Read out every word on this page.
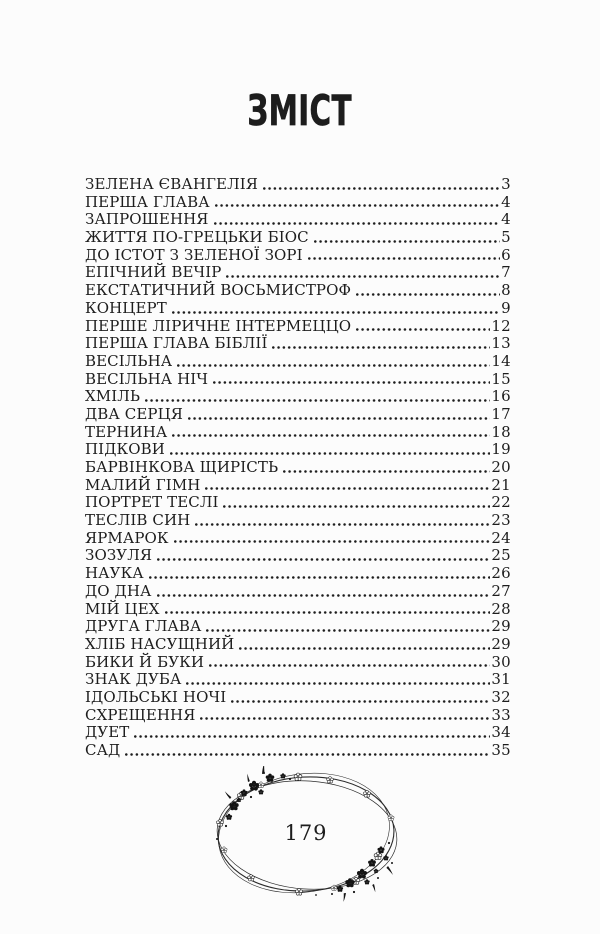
ЗМІСТ
ЗЕЛЕНА ЄВАНГЕЛІЯ	3
ПЕРША ГЛАВА	4
ЗАПРОШЕННЯ	4
ЖИТТЯ ПО-ГРЕЦЬКИ БІОС	5
ДО ІСТОТ З ЗЕЛЕНОЇ ЗОРІ	6
ЕПІЧНИЙ ВЕЧІР	7
ЕКСТАТИЧНИЙ ВОСЬМИСТРОФ	8
КОНЦЕРТ	9
ПЕРШЕ ЛІРИЧНЕ ІНТЕРМЕЦЦО	12
ПЕРША ГЛАВА БІБЛІЇ	13
ВЕСІЛЬНА	14
ВЕСІЛЬНА НІЧ	15
ХМІЛЬ	16
ДВА СЕРЦЯ	17
ТЕРНИНА	18
ПІДКОВИ	19
БАРВІНКОВА ЩИРІСТЬ	20
МАЛИЙ ГІМН	21
ПОРТРЕТ ТЕСЛІ	22
ТЕСЛІВ СИН	23
ЯРМАРОК	24
ЗОЗУЛЯ	25
НАУКА	26
ДО ДНА	27
МІЙ ЦЕХ	28
ДРУГА ГЛАВА	29
ХЛІБ НАСУЩНИЙ	29
БИКИ Й БУКИ	30
ЗНАК ДУБА	31
ІДОЛЬСЬКІ НОЧІ	32
СХРЕЩЕННЯ	33
ДУЕТ	34
САД	35
179
